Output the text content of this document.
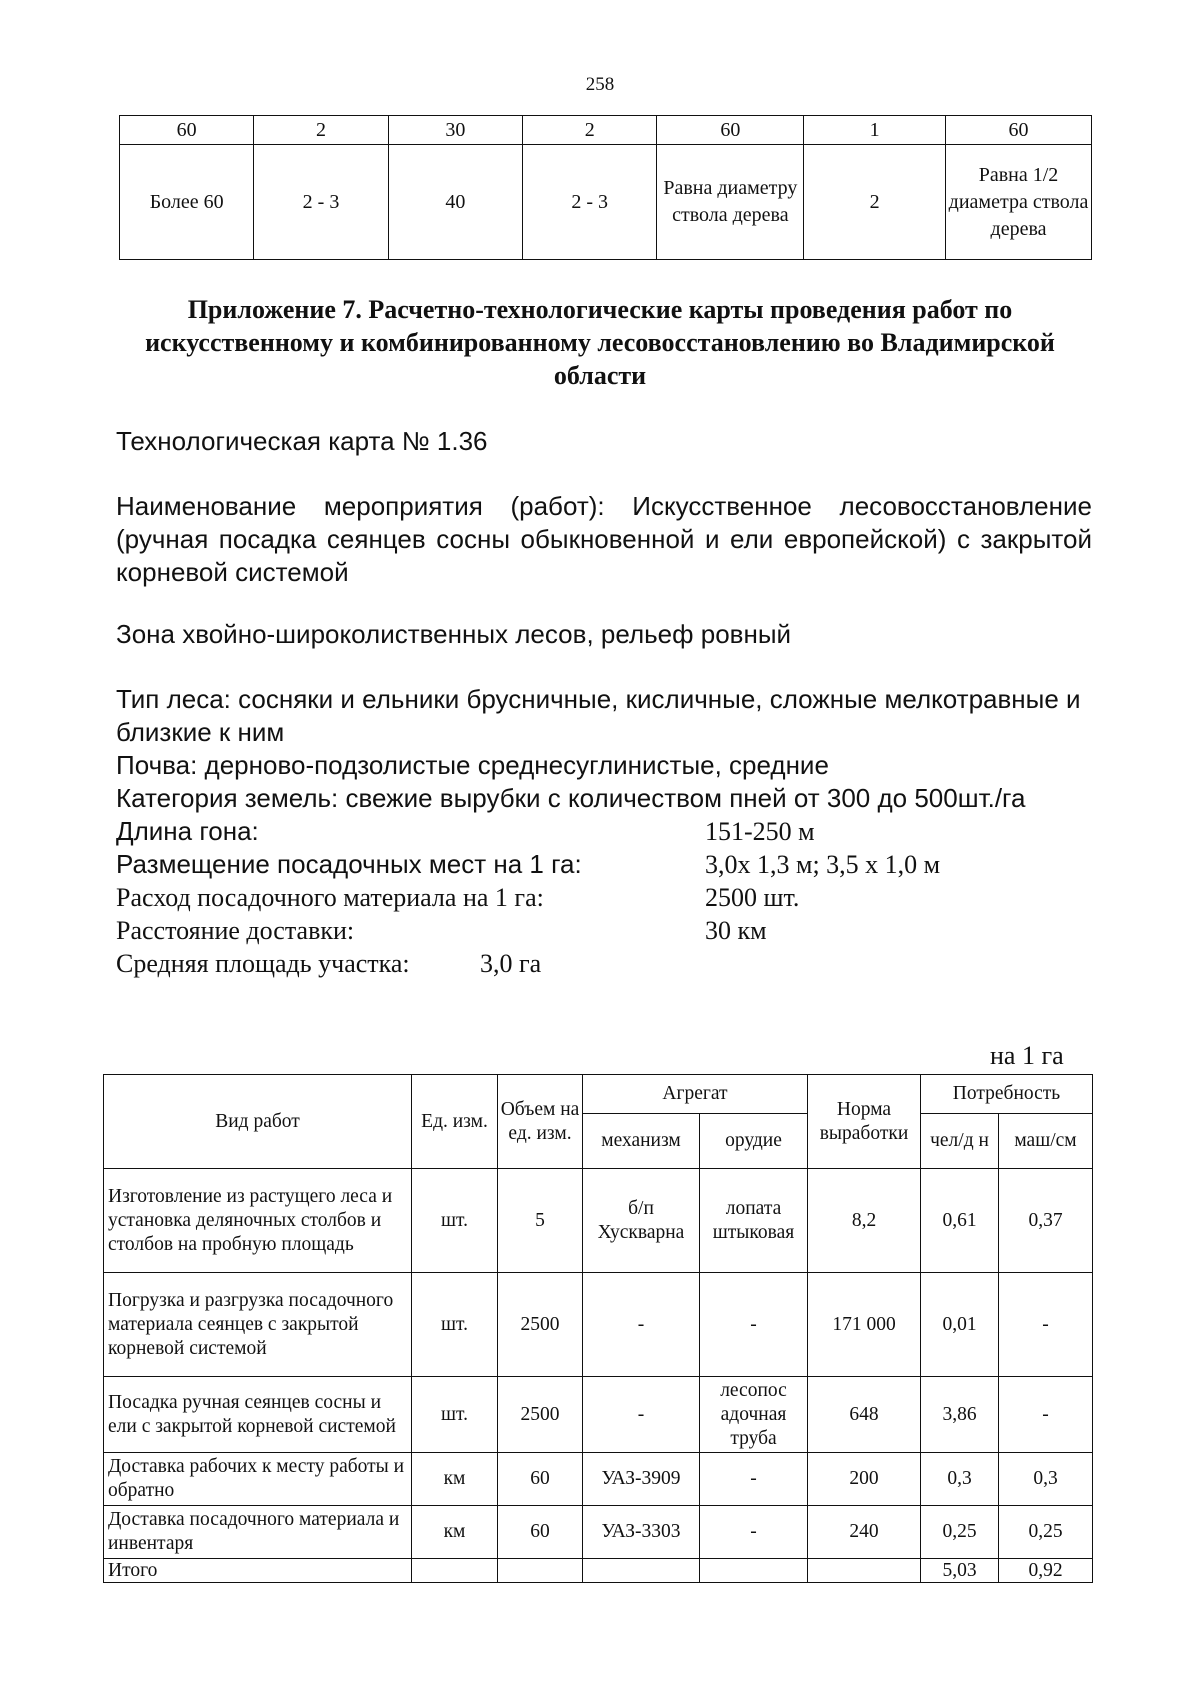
258
60	2	30	2	60	1	60
Более 60	2 - 3	40	2 - 3	Равна диаметру ствола дерева	2	Равна 1/2 диаметра ствола дерева
Приложение 7. Расчетно-технологические карты проведения работ по искусственному и комбинированному лесовосстановлению во Владимирской области
Технологическая карта № 1.36
Наименование мероприятия (работ): Искусственное лесовосстановление (ручная посадка сеянцев сосны обыкновенной и ели европейской) с закрытой корневой системой
Зона хвойно-широколиственных лесов, рельеф ровный
Тип леса: сосняки и ельники брусничные, кисличные, сложные мелкотравные и близкие к ним
Почва: дерново-подзолистые среднесуглинистые, средние
Категория земель: свежие вырубки с количеством пней от 300 до 500шт./га
Длина гона:	151-250 м
Размещение посадочных мест на 1 га:	3,0х 1,3 м; 3,5 х 1,0 м
Расход посадочного материала на 1 га:	2500 шт.
Расстояние доставки:	30 км
Средняя площадь участка:	3,0 га
на 1 га
Вид работ	Ед. изм.	Объем на ед. изм.	Агрегат		Норма выработки	Потребность	
			механизм	орудие		чел/д н	маш/см
Изготовление из растущего леса и установка деляночных столбов и столбов на пробную площадь	шт.	5	б/п Хускварна	лопата штыковая	8,2	0,61	0,37
Погрузка и разгрузка посадочного материала сеянцев с закрытой корневой системой	шт.	2500	-	-	171 000	0,01	-
Посадка ручная сеянцев сосны и ели с закрытой корневой системой	шт.	2500	-	лесопос адочная труба	648	3,86	-
Доставка рабочих к месту работы и обратно	км	60	УАЗ-3909	-	200	0,3	0,3
Доставка посадочного материала и инвентаря	км	60	УАЗ-3303	-	240	0,25	0,25
Итого						5,03	0,92
